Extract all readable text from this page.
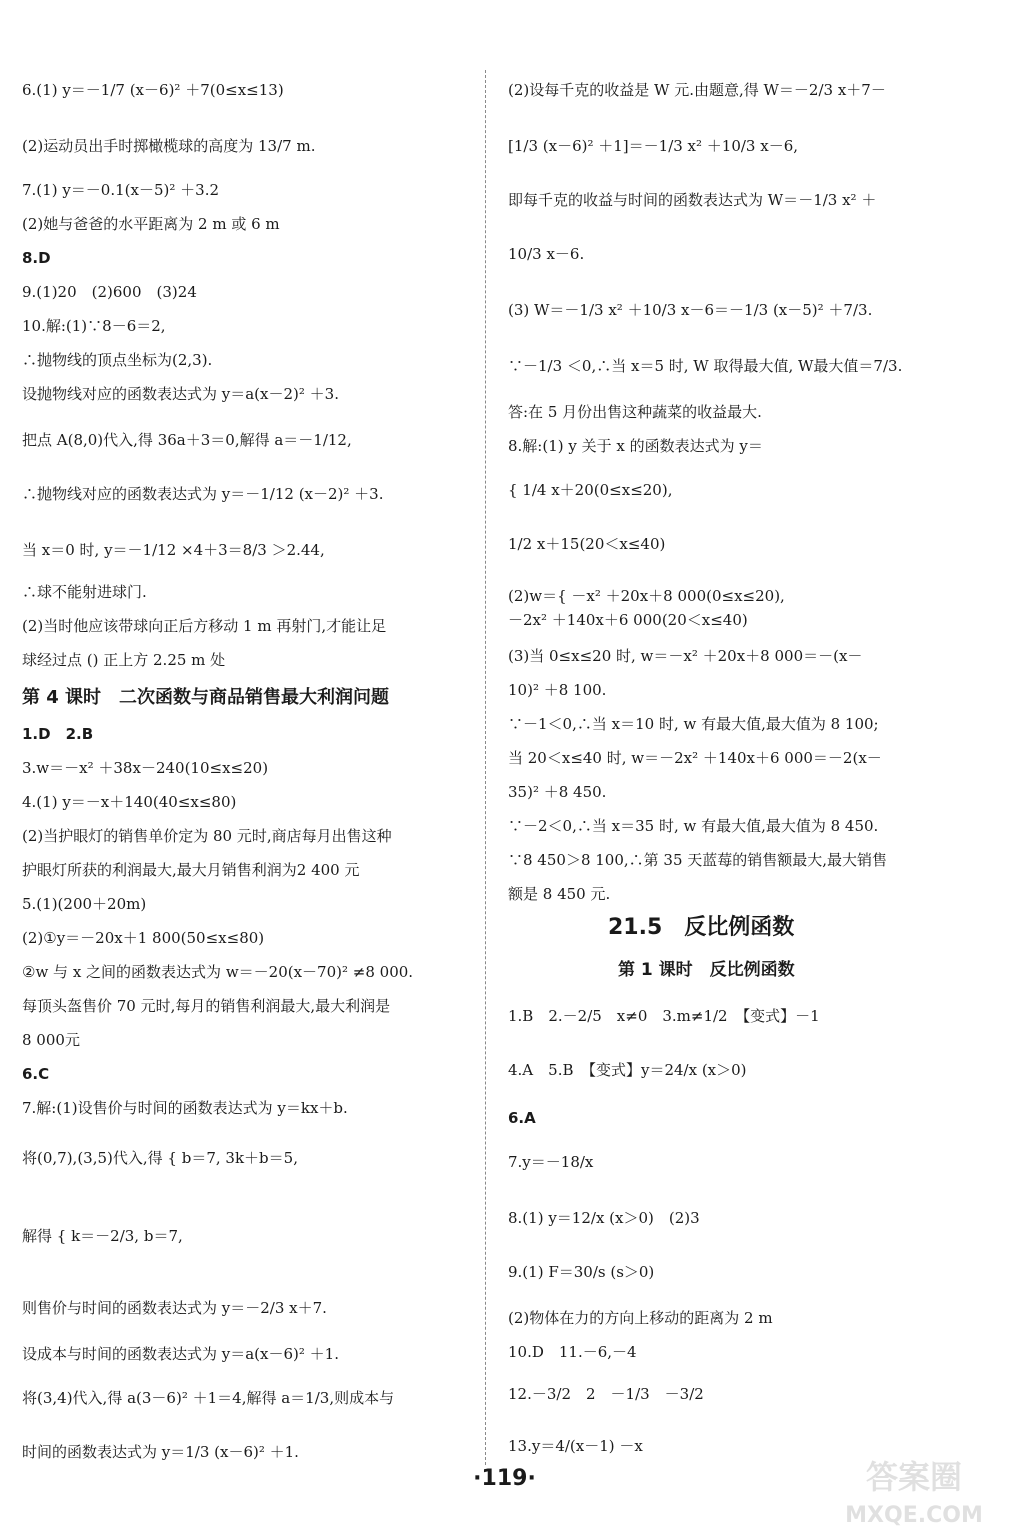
6.(1) y＝－1/7 (x－6)² ＋7(0≤x≤13)
(2)运动员出手时掷橄榄球的高度为 13/7 m.
7.(1) y＝－0.1(x－5)² ＋3.2
(2)她与爸爸的水平距离为 2 m 或 6 m
8.D
9.(1)20　(2)600　(3)24
10.解:(1)∵8－6＝2,
∴抛物线的顶点坐标为(2,3).
设抛物线对应的函数表达式为 y＝a(x－2)² ＋3.
把点 A(8,0)代入,得 36a＋3＝0,解得 a＝－1/12,
∴抛物线对应的函数表达式为 y＝－1/12 (x－2)² ＋3.
当 x＝0 时, y＝－1/12 ×4＋3＝8/3 ＞2.44,
∴球不能射进球门.
(2)当时他应该带球向正后方移动 1 m 再射门,才能让足
球经过点 () 正上方 2.25 m 处
第 4 课时　二次函数与商品销售最大利润问题
1.D　2.B
3.w＝－x² ＋38x－240(10≤x≤20)
4.(1) y＝－x＋140(40≤x≤80)
(2)当护眼灯的销售单价定为 80 元时,商店每月出售这种
护眼灯所获的利润最大,最大月销售利润为2 400 元
5.(1)(200＋20m)
(2)①y＝－20x＋1 800(50≤x≤80)
②w 与 x 之间的函数表达式为 w＝－20(x－70)² ≠8 000.
每顶头盔售价 70 元时,每月的销售利润最大,最大利润是
8 000元
6.C
7.解:(1)设售价与时间的函数表达式为 y＝kx＋b.
将(0,7),(3,5)代入,得 { b＝7, 3k＋b＝5,
解得 { k＝－2/3, b＝7,
则售价与时间的函数表达式为 y＝－2/3 x＋7.
设成本与时间的函数表达式为 y＝a(x－6)² ＋1.
将(3,4)代入,得 a(3－6)² ＋1＝4,解得 a＝1/3,则成本与
时间的函数表达式为 y＝1/3 (x－6)² ＋1.
(2)设每千克的收益是 W 元.由题意,得 W＝－2/3 x＋7－
[1/3 (x－6)² ＋1]＝－1/3 x² ＋10/3 x－6,
即每千克的收益与时间的函数表达式为 W＝－1/3 x² ＋
10/3 x－6.
(3) W＝－1/3 x² ＋10/3 x－6＝－1/3 (x－5)² ＋7/3.
∵－1/3 ＜0,∴当 x＝5 时, W 取得最大值, W最大值＝7/3.
答:在 5 月份出售这种蔬菜的收益最大.
8.解:(1) y 关于 x 的函数表达式为 y＝
{ 1/4 x＋20(0≤x≤20),
1/2 x＋15(20＜x≤40)
(2)w＝{ －x² ＋20x＋8 000(0≤x≤20),
－2x² ＋140x＋6 000(20＜x≤40)
(3)当 0≤x≤20 时, w＝－x² ＋20x＋8 000＝－(x－
10)² ＋8 100.
∵－1＜0,∴当 x＝10 时, w 有最大值,最大值为 8 100;
当 20＜x≤40 时, w＝－2x² ＋140x＋6 000＝－2(x－
35)² ＋8 450.
∵－2＜0,∴当 x＝35 时, w 有最大值,最大值为 8 450.
∵8 450＞8 100,∴第 35 天蓝莓的销售额最大,最大销售
额是 8 450 元.
21.5　反比例函数
第 1 课时　反比例函数
1.B　2.－2/5　x≠0　3.m≠1/2　【变式】－1
4.A　5.B　【变式】y＝24/x (x＞0)
6.A
7.y＝－18/x
8.(1) y＝12/x (x＞0)　(2)3
9.(1) F＝30/s (s＞0)
(2)物体在力的方向上移动的距离为 2 m
10.D　11.－6,－4
12.－3/2　2　－1/3　－3/2
13.y＝4/(x－1) －x
·119·	答案圈
MXQE.COM
